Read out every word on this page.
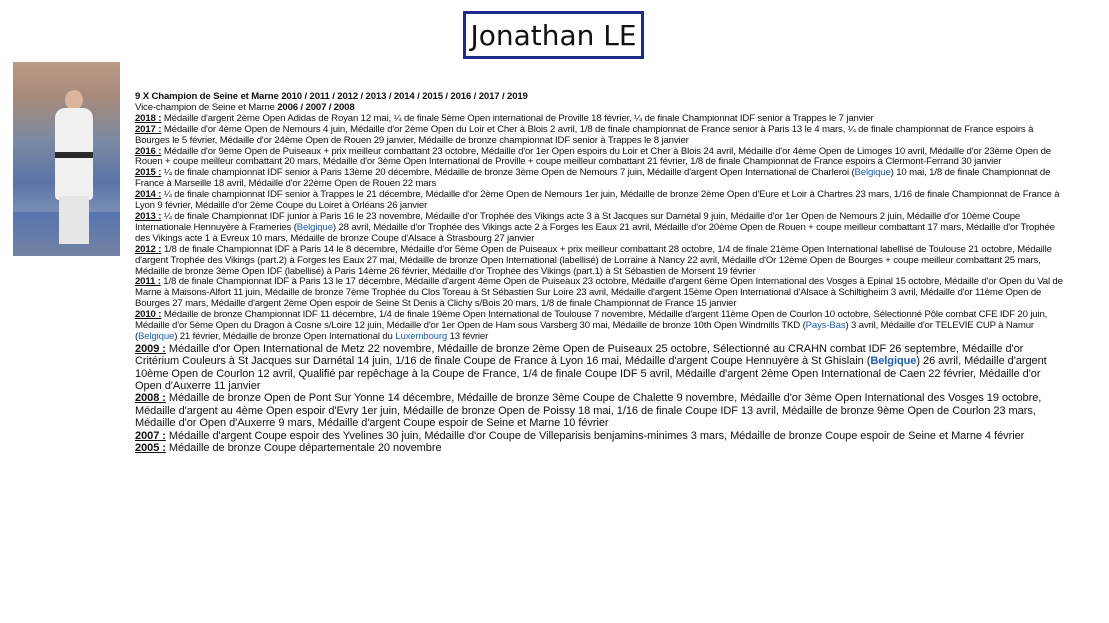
Jonathan LE

9 X Champion de Seine et Marne 2010 / 2011 / 2012 / 2013 / 2014 / 2015 / 2016 / 2017 / 2019

Vice-champion de Seine et Marne 2006 / 2007 / 2008

2018 : Médaille d'argent 2ème Open Adidas de Royan 12 mai, ¼ de finale 5ème Open international de Proville 18 février, ¼ de finale Championnat IDF senior à Trappes le 7 janvier

2017 : Médaille d'or 4ème Open de Nemours 4 juin, Médaille d'or 2ème Open du Loir et Cher à Blois 2 avril, 1/8 de finale championnat de France senior à Paris 13 le 4 mars, ¼ de finale championnat de France espoirs à Bourges le 5 février, Médaille d'or 24ème Open de Rouen 29 janvier, Médaille de bronze championnat IDF senior à Trappes le 8 janvier

2016 : Médaille d'or 9ème Open de Puiseaux + prix meilleur combattant 23 octobre, Médaille d'or 1er Open espoirs du Loir et Cher à Blois 24 avril, Médaille d'or 4ème Open de Limoges 10 avril, Médaille d'or 23ème Open de Rouen + coupe meilleur combattant 20 mars, Médaille d'or 3ème Open International de Proville + coupe meilleur combattant 21 février, 1/8 de finale Championnat de France espoirs à Clermont-Ferrand 30 janvier

2015 : ¼ de finale championnat IDF senior à Paris 13ème 20 décembre, Médaille de bronze 3ème Open de Nemours 7 juin, Médaille d'argent Open International de Charleroi (Belgique) 10 mai, 1/8 de finale Championnat de France à Marseille 18 avril, Médaille d'or 22ème Open de Rouen 22 mars

2014 : ¼ de finale championnat IDF senior à Trappes le 21 décembre, Médaille d'or 2ème Open de Nemours 1er juin, Médaille de bronze 2ème Open d'Eure et Loir à Chartres 23 mars, 1/16 de finale Championnat de France à Lyon 9 février, Médaille d'or 2ème Coupe du Loiret à Orléans 26 janvier

2013 : ¼ de finale Championnat IDF junior à Paris 16 le 23 novembre, Médaille d'or Trophée des Vikings acte 3 à St Jacques sur Darnétal 9 juin, Médaille d'or 1er Open de Nemours 2 juin, Médaille d'or 10ème Coupe Internationale Hennuyère à Frameries (Belgique) 28 avril, Médaille d'or Trophée des Vikings acte 2 à Forges les Eaux 21 avril, Médaille d'or 20ème Open de Rouen + coupe meilleur combattant 17 mars, Médaille d'or Trophée des Vikings acte 1 à Evreux 10 mars, Médaille de bronze Coupe d'Alsace à Strasbourg 27 janvier

2012 : 1/8 de finale Championnat IDF à Paris 14 le 8 décembre, Médaille d'or 5ème Open de Puiseaux + prix meilleur combattant 28 octobre, 1/4 de finale 21ème Open International labellisé de Toulouse 21 octobre, Médaille d'argent Trophée des Vikings (part.2) à Forges les Eaux 27 mai, Médaille de bronze Open International (labellisé) de Lorraine à Nancy 22 avril, Médaille d'Or 12ème Open de Bourges + coupe meilleur combattant 25 mars, Médaille de bronze 3ème Open IDF (labellisé) à Paris 14ème 26 février, Médaille d'or Trophée des Vikings (part.1) à St Sébastien de Morsent 19 février

2011 : 1/8 de finale Championnat IDF à Paris 13 le 17 décembre, Médaille d'argent 4ème Open de Puiseaux 23 octobre, Médaille d'argent 6ème Open International des Vosges à Epinal 15 octobre, Médaille d'or Open du Val de Marne à Maisons-Alfort 11 juin, Médaille de bronze 7ème Trophée du Clos Toreau à St Sébastien Sur Loire 23 avril, Médaille d'argent 15ème Open International d'Alsace à Schiltigheim 3 avril, Médaille d'or 11ème Open de Bourges 27 mars, Médaille d'argent 2ème Open espoir de Seine St Denis à Clichy s/Bois 20 mars, 1/8 de finale Championnat de France 15 janvier

2010 : Médaille de bronze Championnat IDF 11 décembre, 1/4 de finale 19ème Open International de Toulouse 7 novembre, Médaille d'argent 11ème Open de Courlon 10 octobre, Sélectionné Pôle combat CFE IDF 20 juin, Médaille d'or 5ème Open du Dragon à Cosne s/Loire 12 juin, Médaille d'or 1er Open de Ham sous Varsberg 30 mai, Médaille de bronze 10th Open Windmills TKD (Pays-Bas) 3 avril, Médaille d'or TELEVIE CUP à Namur (Belgique) 21 février, Médaille de bronze Open International du Luxembourg 13 février

2009 : Médaille d'or Open International de Metz 22 novembre, Médaille de bronze 2ème Open de Puiseaux 25 octobre, Sélectionné au CRAHN combat IDF 26 septembre, Médaille d'or Critérium Couleurs à St Jacques sur Darnétal 14 juin, 1/16 de finale Coupe de France à Lyon 16 mai, Médaille d'argent Coupe Hennuyère à St Ghislain (Belgique) 26 avril, Médaille d'argent 10ème Open de Courlon 12 avril, Qualifié par repêchage à la Coupe de France, 1/4 de finale Coupe IDF 5 avril, Médaille d'argent 2ème Open International de Caen 22 février, Médaille d'or Open d'Auxerre 11 janvier

2008 : Médaille de bronze Open de Pont Sur Yonne 14 décembre, Médaille de bronze 3ème Coupe de Chalette 9 novembre, Médaille d'or 3ème Open International des Vosges 19 octobre, Médaille d'argent au 4ème Open espoir d'Evry 1er juin, Médaille de bronze Open de Poissy 18 mai, 1/16 de finale Coupe IDF 13 avril, Médaille de bronze 9ème Open de Courlon 23 mars, Médaille d'or Open d'Auxerre 9 mars, Médaille d'argent Coupe espoir de Seine et Marne 10 février

2007 : Médaille d'argent Coupe espoir des Yvelines 30 juin, Médaille d'or Coupe de Villeparisis benjamins-minimes 3 mars, Médaille de bronze Coupe espoir de Seine et Marne 4 février

2005 : Médaille de bronze Coupe départementale 20 novembre
